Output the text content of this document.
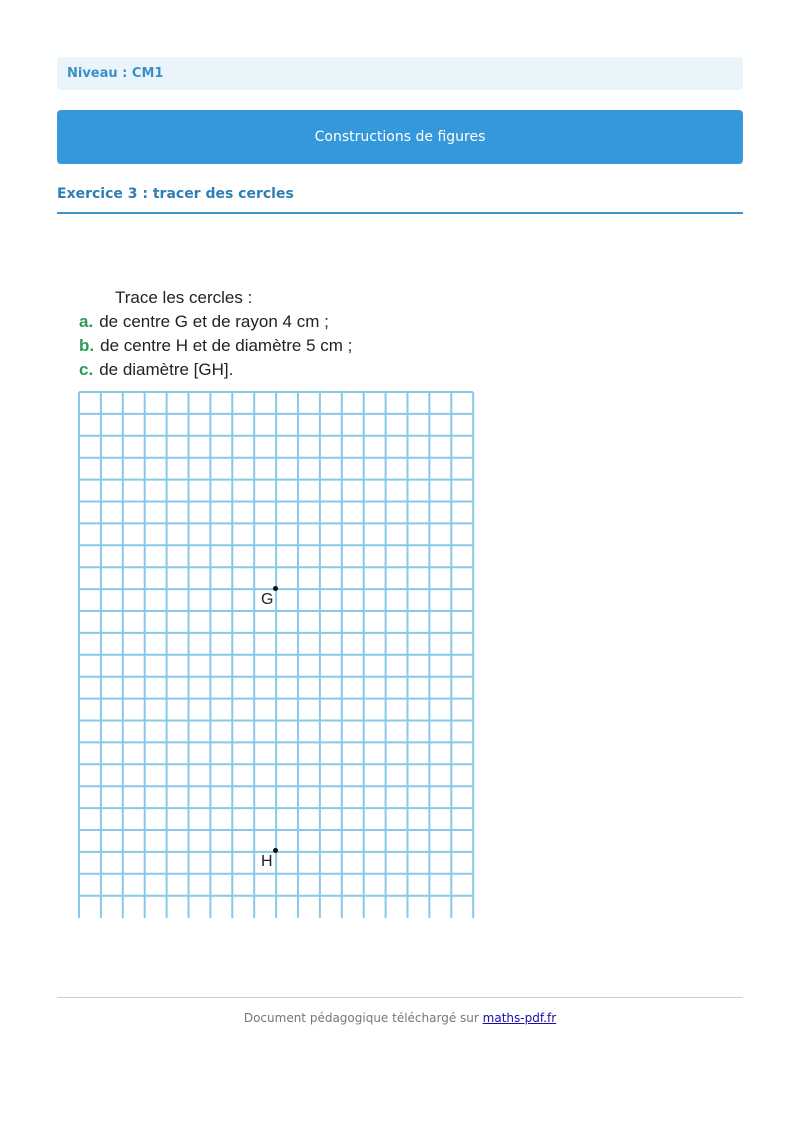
Niveau : CM1
Constructions de figures
Exercice 3 : tracer des cercles
Trace les cercles :
a. de centre G et de rayon 4 cm ;
b. de centre H et de diamètre 5 cm ;
c. de diamètre [GH].
G
H
Document pédagogique téléchargé sur maths-pdf.fr
